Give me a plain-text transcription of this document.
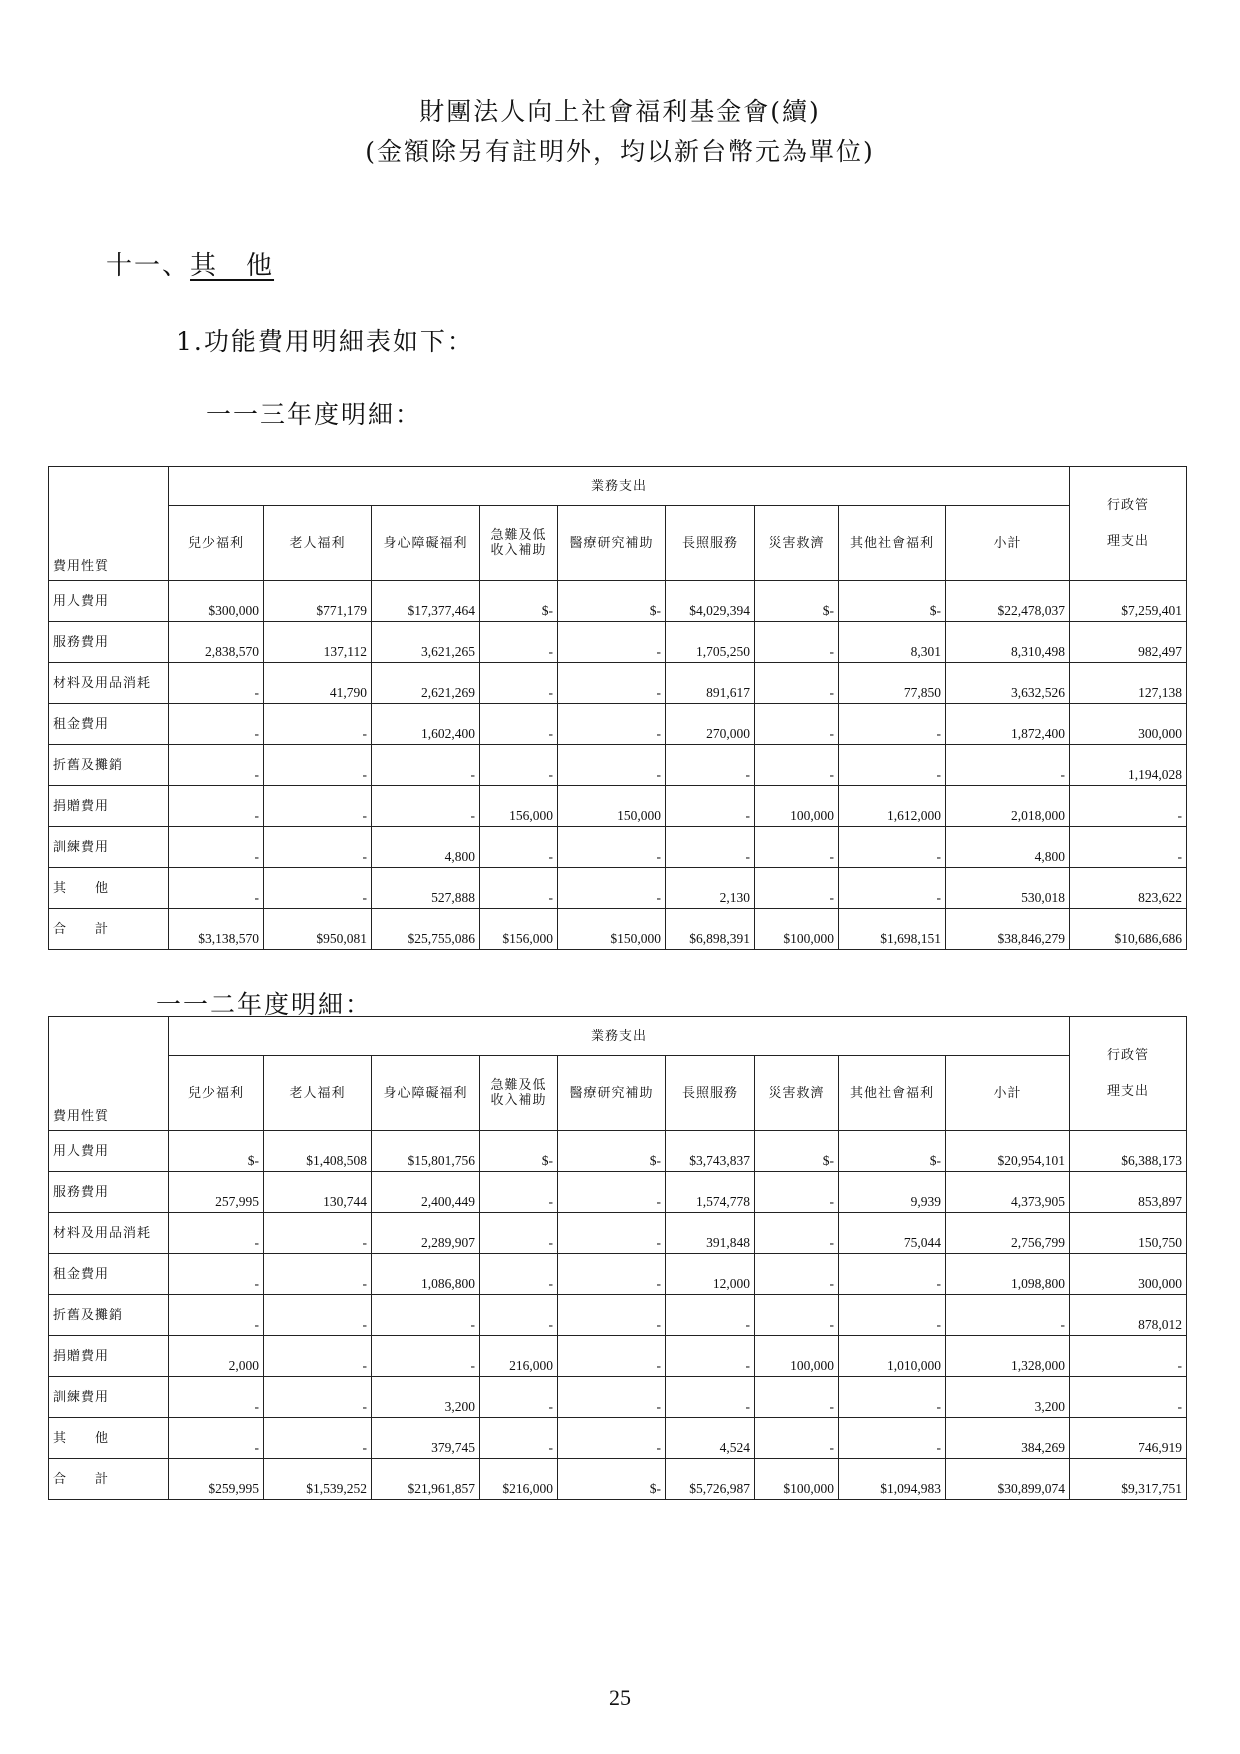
財團法人向上社會福利基金會(續)
(金額除另有註明外，均以新台幣元為單位)
十一、其　他
1.功能費用明細表如下：
一一三年度明細：
費用性質	業務支出									行政管
理支出

	兒少福利	老人福利	身心障礙福利	急難及低
收入補助	醫療研究補助	長照服務	災害救濟	其他社會福利	小計	
用人費用	$300,000	$771,179	$17,377,464	$-	$-	$4,029,394	$-	$-	$22,478,037	$7,259,401
服務費用	2,838,570	137,112	3,621,265	-	-	1,705,250	-	8,301	8,310,498	982,497
材料及用品消耗	-	41,790	2,621,269	-	-	891,617	-	77,850	3,632,526	127,138
租金費用	-	-	1,602,400	-	-	270,000	-	-	1,872,400	300,000
折舊及攤銷	-	-	-	-	-	-	-	-	-	1,194,028
捐贈費用	-	-	-	156,000	150,000	-	100,000	1,612,000	2,018,000	-
訓練費用	-	-	4,800	-	-	-	-	-	4,800	-
其　　他	-	-	527,888	-	-	2,130	-	-	530,018	823,622
合　　計	$3,138,570	$950,081	$25,755,086	$156,000	$150,000	$6,898,391	$100,000	$1,698,151	$38,846,279	$10,686,686
一一二年度明細：
費用性質	業務支出									行政管
理支出

	兒少福利	老人福利	身心障礙福利	急難及低
收入補助	醫療研究補助	長照服務	災害救濟	其他社會福利	小計	
用人費用	$-	$1,408,508	$15,801,756	$-	$-	$3,743,837	$-	$-	$20,954,101	$6,388,173
服務費用	257,995	130,744	2,400,449	-	-	1,574,778	-	9,939	4,373,905	853,897
材料及用品消耗	-	-	2,289,907	-	-	391,848	-	75,044	2,756,799	150,750
租金費用	-	-	1,086,800	-	-	12,000	-	-	1,098,800	300,000
折舊及攤銷	-	-	-	-	-	-	-	-	-	878,012
捐贈費用	2,000	-	-	216,000	-	-	100,000	1,010,000	1,328,000	-
訓練費用	-	-	3,200	-	-	-	-	-	3,200	-
其　　他	-	-	379,745	-	-	4,524	-	-	384,269	746,919
合　　計	$259,995	$1,539,252	$21,961,857	$216,000	$-	$5,726,987	$100,000	$1,094,983	$30,899,074	$9,317,751
25
